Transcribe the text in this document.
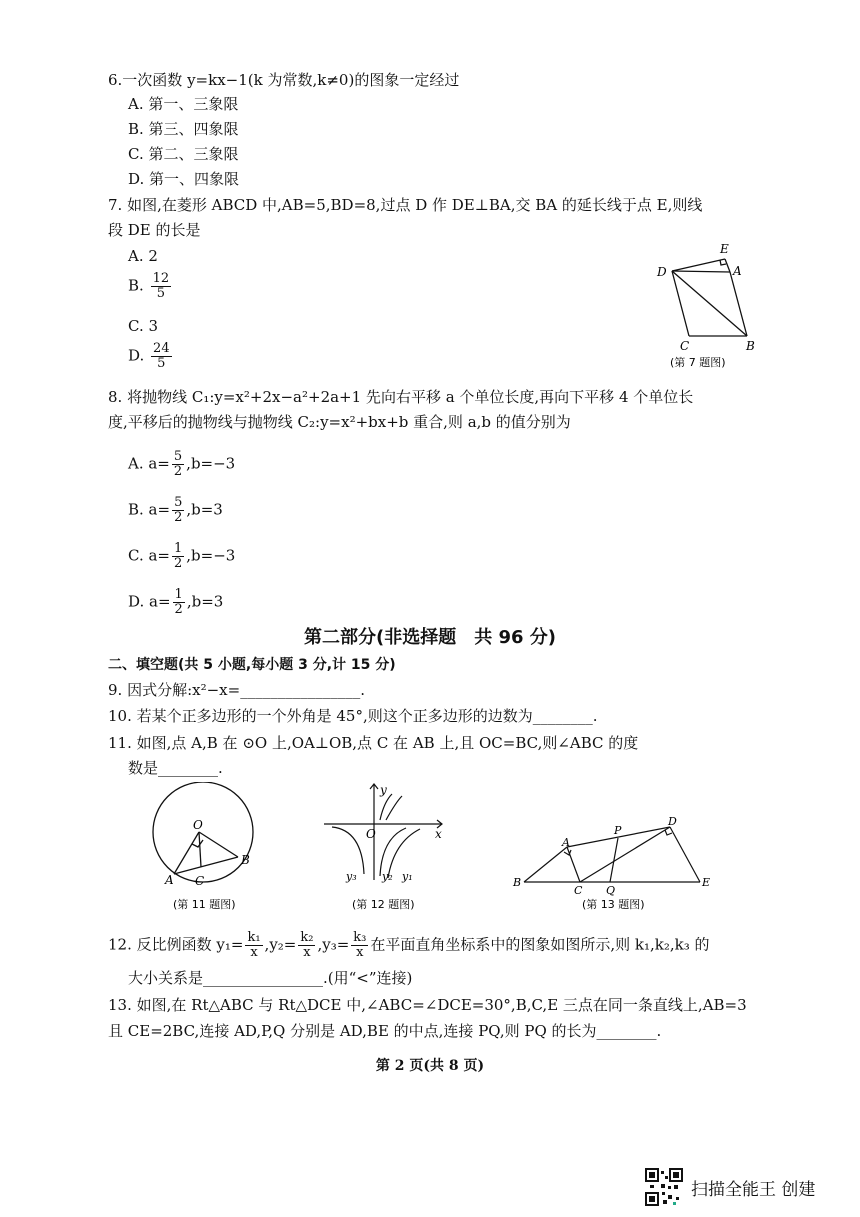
6.一次函数 y=kx−1(k 为常数,k≠0)的图象一定经过
A. 第一、三象限
B. 第三、四象限
C. 第二、三象限
D. 第一、四象限
7. 如图,在菱形 ABCD 中,AB=5,BD=8,过点 D 作 DE⊥BA,交 BA 的延长线于点 E,则线
段 DE 的长是
A. 2
B. $\frac{12}{5}$
C. 3
D. $\frac{24}{5}$
E
D	A
C	B
(第 7 题图)
8. 将抛物线 C₁:y=x²+2x−a²+2a+1 先向右平移 a 个单位长度,再向下平移 4 个单位长
度,平移后的抛物线与抛物线 C₂:y=x²+bx+b 重合,则 a,b 的值分别为
A. $a= \frac{5}{2} ,b=-3$
B. $a= \frac{5}{2} ,b=3$
C. $a= \frac{1}{2} ,b=-3$
D. $a= \frac{1}{2} ,b=3$
第二部分(非选择题　共 96 分)
二、填空题(共 5 小题,每小题 3 分,计 15 分)
9. 因式分解:x²−x=________________.
10. 若某个正多边形的一个外角是 45°,则这个正多边形的边数为________.
11. 如图,点 A,B 在 ⊙O 上,OA⊥OB,点 C 在 AB 上,且 OC=BC,则∠ABC 的度
数是________.
O
A
B
C
(第 11 题图)
y
x
O
y₃ y₂ y₁
(第 12 题图)
A
P
D
B
C Q
E
(第 13 题图)
12. 反比例函数 $y_1= \frac{\text{k₁}}{x} ,y_2= \frac{\text{k₂}}{x} ,y_3= \frac{\text{k₃}}{x}$ 在平面直角坐标系中的图象如图所示,则 k₁,k₂,k₃ 的
大小关系是________________.(用“<”连接)
13. 如图,在 Rt△ABC 与 Rt△DCE 中,∠ABC=∠DCE=30°,B,C,E 三点在同一条直线上,AB=3
且 CE=2BC,连接 AD,P,Q 分别是 AD,BE 的中点,连接 PQ,则 PQ 的长为________.
第 2 页(共 8 页)
扫描全能王 创建
